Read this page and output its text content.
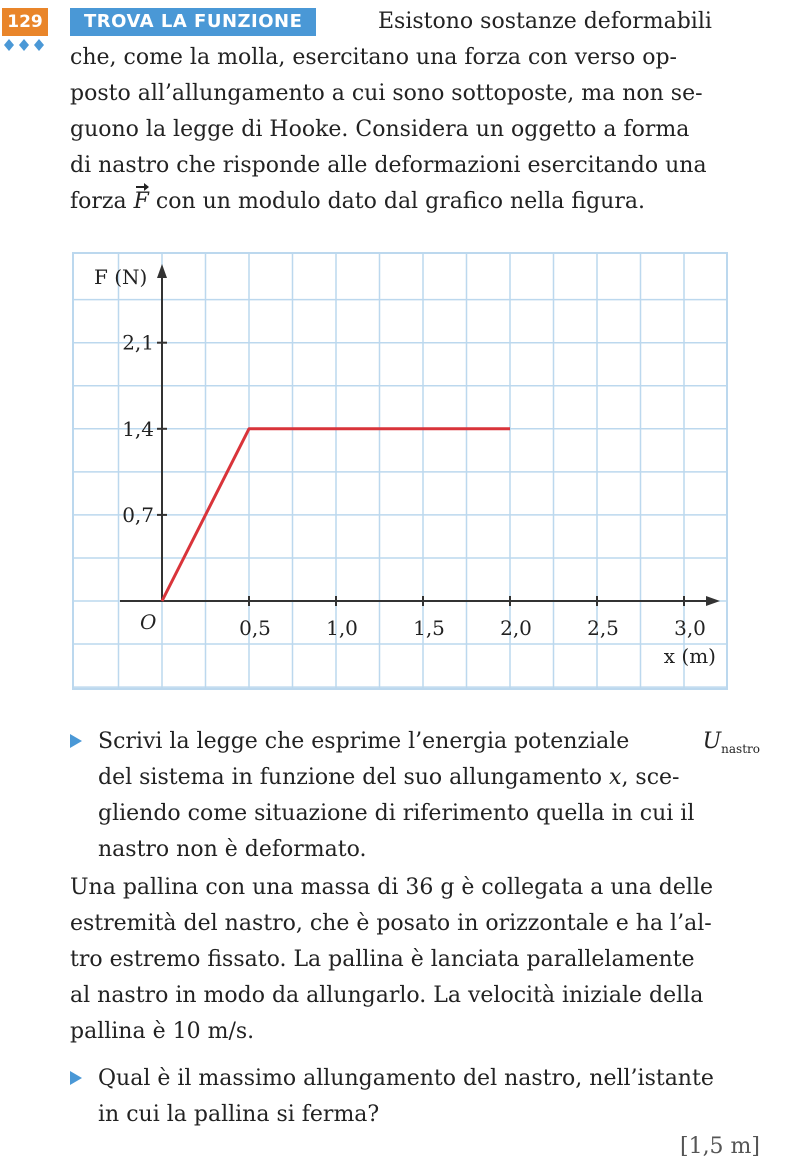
129	TROVA LA FUNZIONE	Esistono sostanze deformabili
che, come la molla, esercitano una forza con verso op-
posto all’allungamento a cui sono sottoposte, ma non se-
guono la legge di Hooke. Considera un oggetto a forma
di nastro che risponde alle deformazioni esercitando una
forza
F
con un modulo dato dal grafico nella figura.
0,5	1,0	1,5	2,0	2,5	3,0
0,7
1,4
2,1
O
F (N)
x (m)
Scrivi la legge che esprime l’energia potenziale	$U_{nastro}$
del sistema in funzione del suo allungamento x, sce-
gliendo come situazione di riferimento quella in cui il
nastro non è deformato.
Una pallina con una massa di 36 g è collegata a una delle
estremità del nastro, che è posato in orizzontale e ha l’al-
tro estremo fissato. La pallina è lanciata parallelamente
al nastro in modo da allungarlo. La velocità iniziale della
pallina è 10 m/s.
Qual è il massimo allungamento del nastro, nell’istante
in cui la pallina si ferma?
[1,5 m]
